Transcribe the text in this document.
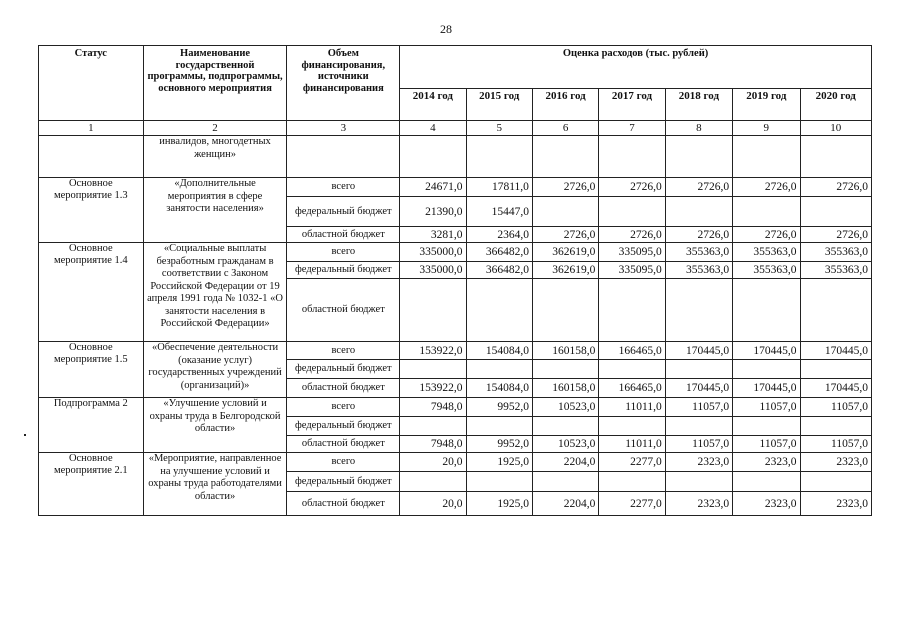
28
Статус	Наименование государственной программы, подпрограммы, основного мероприятия	Объем финансирования, источники финансирования	Оценка расходов (тыс. рублей)						
			2014 год	2015 год	2016 год	2017 год	2018 год	2019 год	2020 год
1	2	3	4	5	6	7	8	9	10
	инвалидов, многодетных женщин»								
Основное мероприятие 1.3	«Дополнительные мероприятия в сфере занятости населения»	всего	24671,0	17811,0	2726,0	2726,0	2726,0	2726,0	2726,0
		федеральный бюджет	21390,0	15447,0					
		областной бюджет	3281,0	2364,0	2726,0	2726,0	2726,0	2726,0	2726,0
Основное мероприятие 1.4	«Социальные выплаты безработным гражданам в соответствии с Законом Российской Федерации от 19 апреля 1991 года № 1032-1 «О занятости населения в Российской Федерации»	всего	335000,0	366482,0	362619,0	335095,0	355363,0	355363,0	355363,0
		федеральный бюджет	335000,0	366482,0	362619,0	335095,0	355363,0	355363,0	355363,0
		областной бюджет							
Основное мероприятие 1.5	«Обеспечение деятельности (оказание услуг) государственных учреждений (организаций)»	всего	153922,0	154084,0	160158,0	166465,0	170445,0	170445,0	170445,0
		федеральный бюджет							
		областной бюджет	153922,0	154084,0	160158,0	166465,0	170445,0	170445,0	170445,0
Подпрограмма 2	«Улучшение условий и охраны труда в Белгородской области»	всего	7948,0	9952,0	10523,0	11011,0	11057,0	11057,0	11057,0
		федеральный бюджет							
		областной бюджет	7948,0	9952,0	10523,0	11011,0	11057,0	11057,0	11057,0
Основное мероприятие 2.1	«Мероприятие, направленное на улучшение условий и охраны труда работодателями области»	всего	20,0	1925,0	2204,0	2277,0	2323,0	2323,0	2323,0
		федеральный бюджет							
		областной бюджет	20,0	1925,0	2204,0	2277,0	2323,0	2323,0	2323,0
